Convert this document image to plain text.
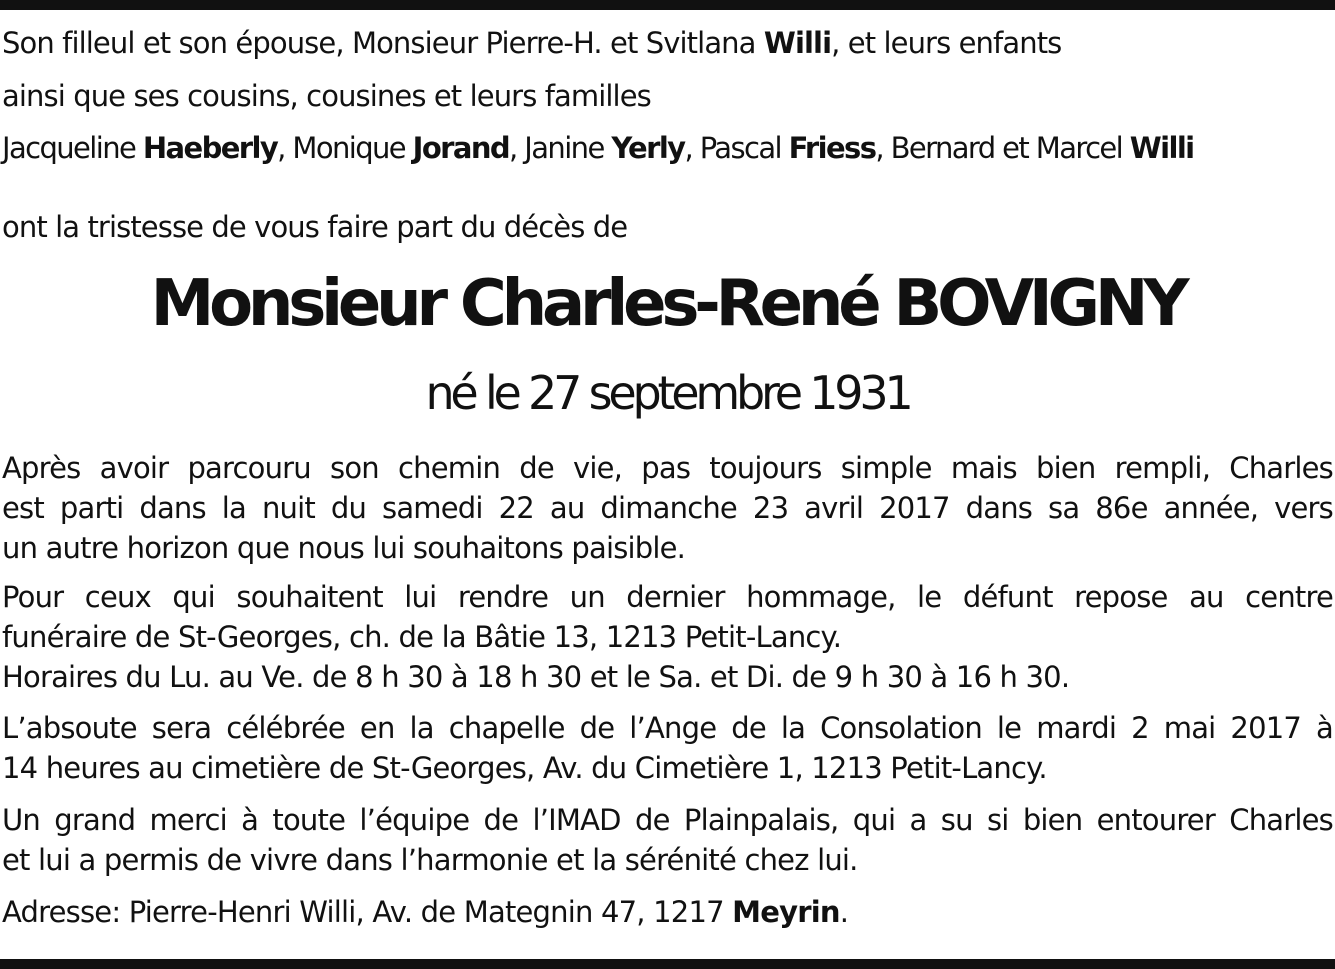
Son filleul et son épouse, Monsieur Pierre-H. et Svitlana Willi, et leurs enfants
ainsi que ses cousins, cousines et leurs familles
Jacqueline Haeberly, Monique Jorand, Janine Yerly, Pascal Friess, Bernard et Marcel Willi
ont la tristesse de vous faire part du décès de
Monsieur Charles-René BOVIGNY
né le 27 septembre 1931
Après avoir parcouru son chemin de vie, pas toujours simple mais bien rempli, Charles
est parti dans la nuit du samedi 22 au dimanche 23 avril 2017 dans sa 86e année, vers
un autre horizon que nous lui souhaitons paisible.
Pour ceux qui souhaitent lui rendre un dernier hommage, le défunt repose au centre
funéraire de St-Georges, ch. de la Bâtie 13, 1213 Petit-Lancy.
Horaires du Lu. au Ve. de 8 h 30 à 18 h 30 et le Sa. et Di. de 9 h 30 à 16 h 30.
L’absoute sera célébrée en la chapelle de l’Ange de la Consolation le mardi 2 mai 2017 à
14 heures au cimetière de St-Georges, Av. du Cimetière 1, 1213 Petit-Lancy.
Un grand merci à toute l’équipe de l’IMAD de Plainpalais, qui a su si bien entourer Charles
et lui a permis de vivre dans l’harmonie et la sérénité chez lui.
Adresse: Pierre-Henri Willi, Av. de Mategnin 47, 1217 Meyrin.
